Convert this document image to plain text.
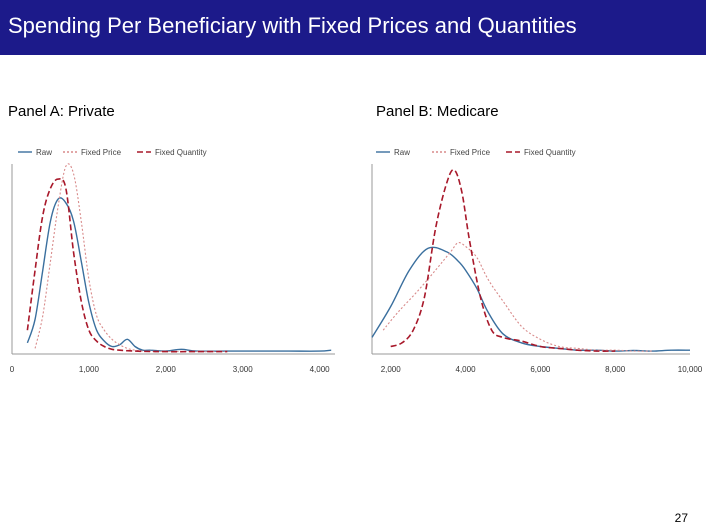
Spending Per Beneficiary with Fixed Prices and Quantities
Panel A: Private	Panel B: Medicare
Raw	Fixed Price	Fixed Quantity
0	1,000	2,000	3,000	4,000
Raw	Fixed Price	Fixed Quantity
2,000	4,000	6,000	8,000	10,000
27
